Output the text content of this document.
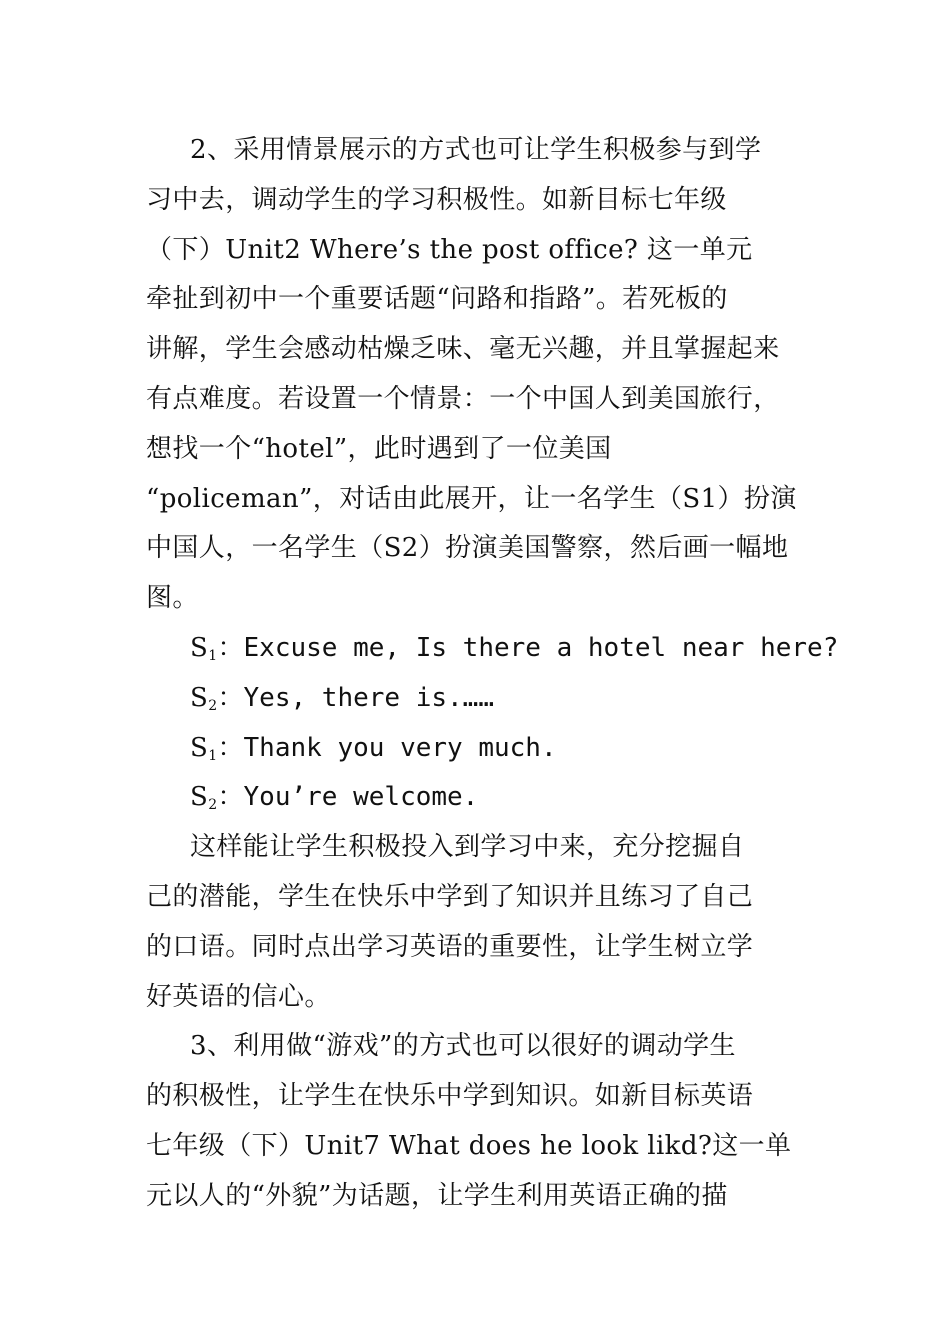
2、采用情景展示的方式也可让学生积极参与到学
习中去，调动学生的学习积极性。如新目标七年级
（下）Unit2 Where’s the post office? 这一单元
牵扯到初中一个重要话题“问路和指路”。若死板的
讲解，学生会感动枯燥乏味、毫无兴趣，并且掌握起来
有点难度。若设置一个情景：一个中国人到美国旅行，
想找一个“hotel”，此时遇到了一位美国
“policeman”，对话由此展开，让一名学生（S1）扮演
中国人，一名学生（S2）扮演美国警察，然后画一幅地
图。
$S_1$：Excuse me, Is there a hotel near here?
$S_2$：Yes, there is.……
$S_1$：Thank you very much.
$S_2$：You’re welcome.
这样能让学生积极投入到学习中来，充分挖掘自
己的潜能，学生在快乐中学到了知识并且练习了自己
的口语。同时点出学习英语的重要性，让学生树立学
好英语的信心。
3、利用做“游戏”的方式也可以很好的调动学生
的积极性，让学生在快乐中学到知识。如新目标英语
七年级（下）Unit7 What does he look likd?这一单
元以人的“外貌”为话题，让学生利用英语正确的描
